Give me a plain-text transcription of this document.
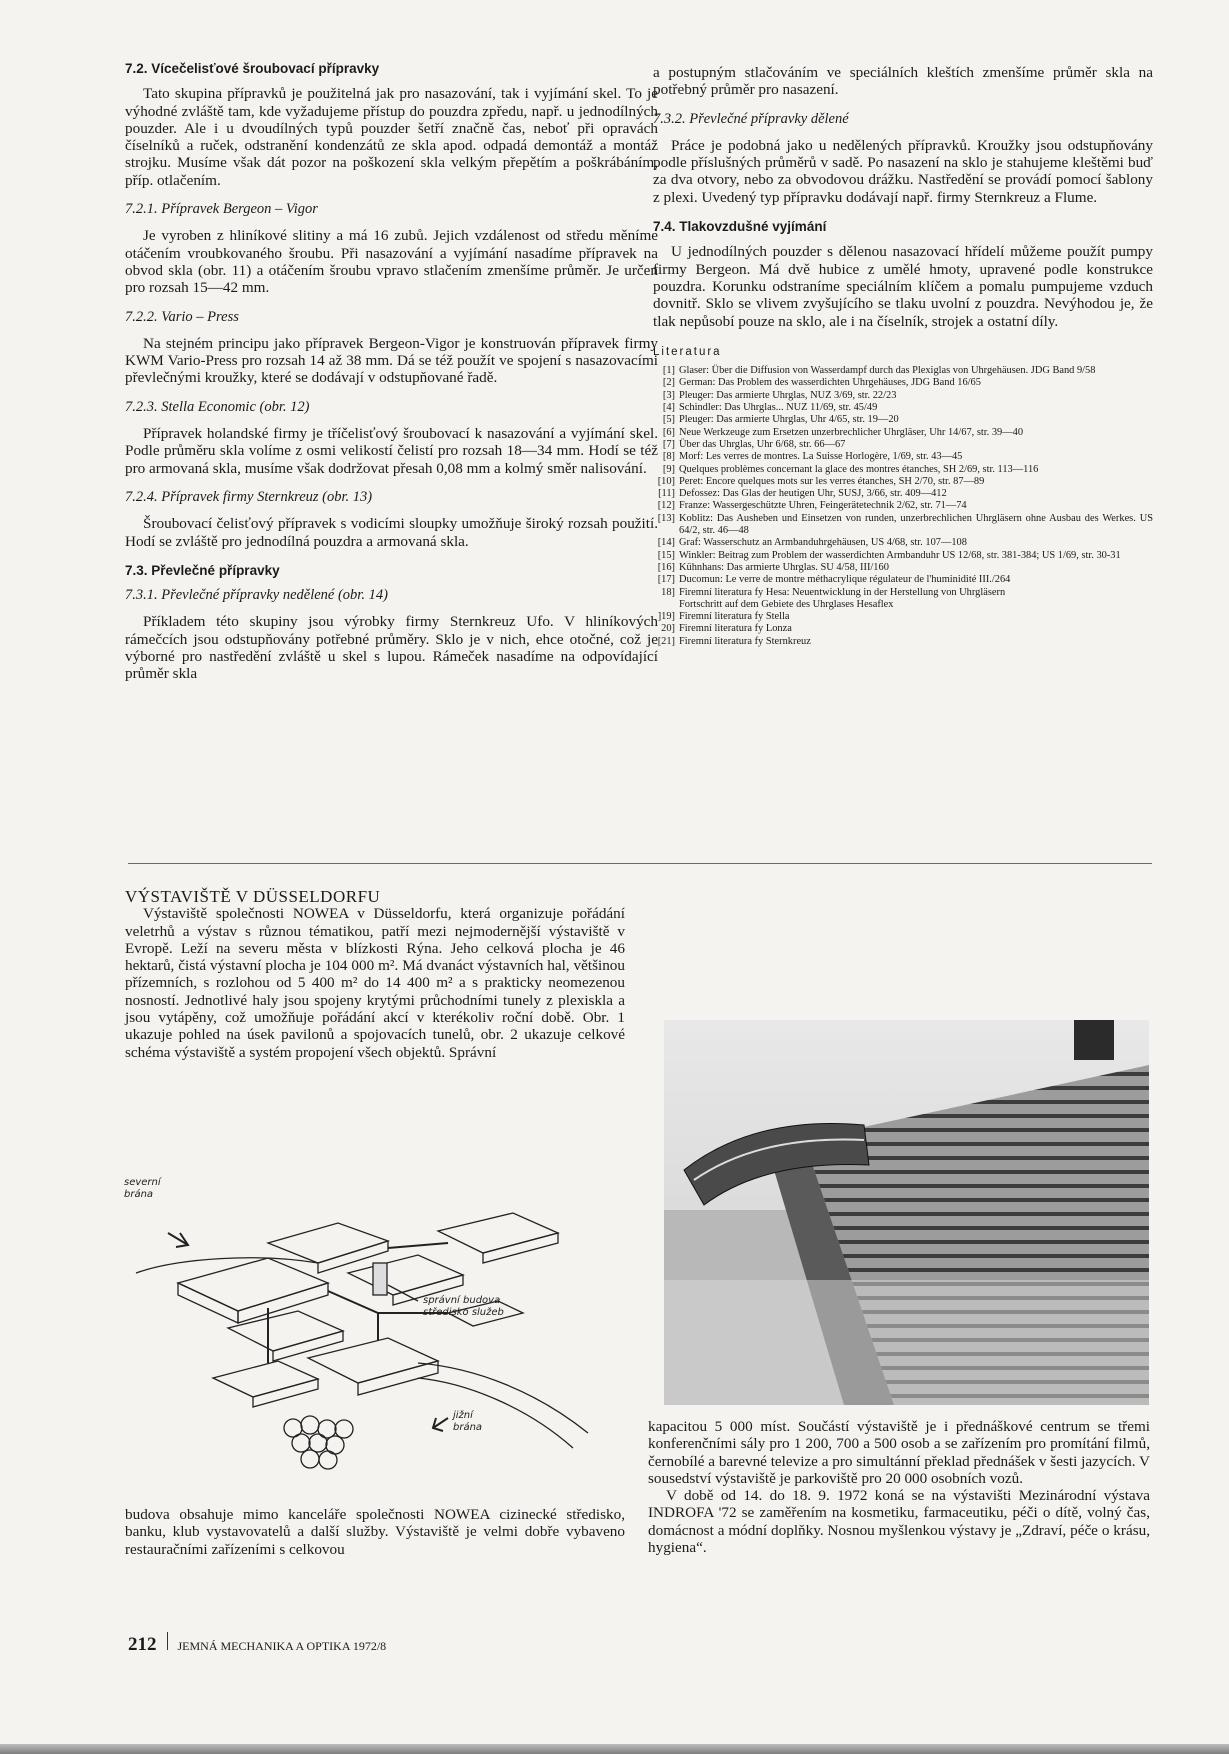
7.2. Vícečelisťové šroubovací přípravky

Tato skupina přípravků je použitelná jak pro nasazování, tak i vyjímání skel. To je výhodné zvláště tam, kde vyžadujeme přístup do pouzdra zpředu, např. u jednodílných pouzder. Ale i u dvoudílných typů pouzder šetří značně čas, neboť při opravách číselníků a ruček, odstranění kondenzátů ze skla apod. odpadá demontáž a montáž strojku. Musíme však dát pozor na poškození skla velkým přepětím a poškrábáním, příp. otlačením.

7.2.1. Přípravek Bergeon – Vigor

Je vyroben z hliníkové slitiny a má 16 zubů. Jejich vzdálenost od středu měníme otáčením vroubkovaného šroubu. Při nasazování a vyjímání nasadíme přípravek na obvod skla (obr. 11) a otáčením šroubu vpravo stlačením zmenšíme průměr. Je určen pro rozsah 15—42 mm.

7.2.2. Vario – Press

Na stejném principu jako přípravek Bergeon-Vigor je konstruován přípravek firmy KWM Vario-Press pro rozsah 14 až 38 mm. Dá se též použít ve spojení s nasazovacími převlečnými kroužky, které se dodávají v odstupňované řadě.

7.2.3. Stella Economic (obr. 12)

Přípravek holandské firmy je tříčelisťový šroubovací k nasazování a vyjímání skel. Podle průměru skla volíme z osmi velikostí čelistí pro rozsah 18—34 mm. Hodí se též pro armovaná skla, musíme však dodržovat přesah 0,08 mm a kolmý směr nalisování.

7.2.4. Přípravek firmy Sternkreuz (obr. 13)

Šroubovací čelisťový přípravek s vodicími sloupky umožňuje široký rozsah použití. Hodí se zvláště pro jednodílná pouzdra a armovaná skla.

7.3. Převlečné přípravky
7.3.1. Převlečné přípravky nedělené (obr. 14)

Příkladem této skupiny jsou výrobky firmy Sternkreuz Ufo. V hliníkových rámečcích jsou odstupňovány potřebné průměry. Sklo je v nich, ehce otočné, což je výborné pro nastředění zvláště u skel s lupou. Rámeček nasadíme na odpovídající průměr skla

a postupným stlačováním ve speciálních kleštích zmenšíme průměr skla na potřebný průměr pro nasazení.

7.3.2. Převlečné přípravky dělené

Práce je podobná jako u nedělených přípravků. Kroužky jsou odstupňovány podle příslušných průměrů v sadě. Po nasazení na sklo je stahujeme kleštěmi buď za dva otvory, nebo za obvodovou drážku. Nastředění se provádí pomocí šablony z plexi. Uvedený typ přípravku dodávají např. firmy Sternkreuz a Flume.

7.4. Tlakovzdušné vyjímání

U jednodílných pouzder s dělenou nasazovací hřídelí můžeme použít pumpy firmy Bergeon. Má dvě hubice z umělé hmoty, upravené podle konstrukce pouzdra. Korunku odstraníme speciálním klíčem a pomalu pumpujeme vzduch dovnitř. Sklo se vlivem zvyšujícího se tlaku uvolní z pouzdra. Nevýhodou je, že tlak nepůsobí pouze na sklo, ale i na číselník, strojek a ostatní díly.

Literatura
[1] Glaser: Über die Diffusion von Wasserdampf durch das Plexiglas von Uhrgehäusen. JDG Band 9/58
[2] German: Das Problem des wasserdichten Uhrgehäuses, JDG Band 16/65
[3] Pleuger: Das armierte Uhrglas, NUZ 3/69, str. 22/23
[4] Schindler: Das Uhrglas... NUZ 11/69, str. 45/49
[5] Pleuger: Das armierte Uhrglas, Uhr 4/65, str. 19—20
[6] Neue Werkzeuge zum Ersetzen unzerbrechlicher Uhrgläser, Uhr 14/67, str. 39—40
[7] Über das Uhrglas, Uhr 6/68, str. 66—67
[8] Morf: Les verres de montres. La Suisse Horlogère, 1/69, str. 43—45
[9] Quelques problèmes concernant la glace des montres étanches, SH 2/69, str. 113—116
[10] Peret: Encore quelques mots sur les verres étanches, SH 2/70, str. 87—89
[11] Defossez: Das Glas der heutigen Uhr, SUSJ, 3/66, str. 409—412
[12] Franze: Wassergeschützte Uhren, Feingerätetechnik 2/62, str. 71—74
[13] Koblitz: Das Ausheben und Einsetzen von runden, unzerbrechlichen Uhrgläsern ohne Ausbau des Werkes. US 64/2, str. 46—48
[14] Graf: Wasserschutz an Armbanduhrgehäusen, US 4/68, str. 107—108
[15] Winkler: Beitrag zum Problem der wasserdichten Armbanduhr US 12/68, str. 381-384; US 1/69, str. 30-31
[16] Kühnhans: Das armierte Uhrglas. SU 4/58, III/160
[17] Ducomun: Le verre de montre méthacrylique régulateur de l'huminidité III./264
18] Firemní literatura fy Hesa: Neuentwicklung in der Herstellung von Uhrgläsern
Fortschritt auf dem Gebiete des Uhrglases Hesaflex
]19] Firemní literatura fy Stella
20] Firemní literatura fy Lonza
[21] Firemní literatura fy Sternkreuz

VÝSTAVIŠTĚ V DÜSSELDORFU

Výstaviště společnosti NOWEA v Düsseldorfu, která organizuje pořádání veletrhů a výstav s různou tématikou, patří mezi nejmodernější výstaviště v Evropě. Leží na severu města v blízkosti Rýna. Jeho celková plocha je 46 hektarů, čistá výstavní plocha je 104 000 m². Má dvanáct výstavních hal, většinou přízemních, s rozlohou od 5 400 m² do 14 400 m² a s prakticky neomezenou nosností. Jednotlivé haly jsou spojeny krytými průchodními tunely z plexiskla a jsou vytápěny, což umožňuje pořádání akcí v kterékoliv roční době. Obr. 1 ukazuje pohled na úsek pavilonů a spojovacích tunelů, obr. 2 ukazuje celkové schéma výstaviště a systém propojení všech objektů. Správní

severní
brána
správní budova
středisko služeb
jižní
brána

budova obsahuje mimo kanceláře společnosti NOWEA cizinecké středisko, banku, klub vystavovatelů a další služby. Výstaviště je velmi dobře vybaveno restauračními zařízeními s celkovou

kapacitou 5 000 míst. Součástí výstaviště je i přednáškové centrum se třemi konferenčními sály pro 1 200, 700 a 500 osob a se zařízením pro promítání filmů, černobílé a barevné televize a pro simultánní překlad přednášek v šesti jazycích. V sousedství výstaviště je parkoviště pro 20 000 osobních vozů.

V době od 14. do 18. 9. 1972 koná se na výstavišti Mezinárodní výstava INDROFA '72 se zaměřením na kosmetiku, farmaceutiku, péči o dítě, volný čas, domácnost a módní doplňky. Nosnou myšlenkou výstavy je „Zdraví, péče o krásu, hygiena“.

212 JEMNÁ MECHANIKA A OPTIKA 1972/8
